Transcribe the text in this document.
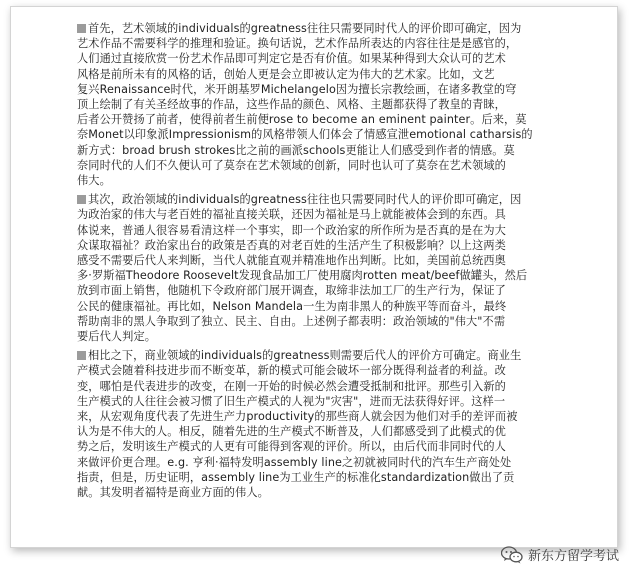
首先，艺术领域的individuals的greatness往往只需要同时代人的评价即可确定，因为
艺术作品不需要科学的推理和验证。换句话说，艺术作品所表达的内容往往是是感官的，
人们通过直接欣赏一份艺术作品即可判定它是否有价值。如果某种得到大众认可的艺术
风格是前所未有的风格的话，创始人更是会立即被认定为伟大的艺术家。比如，文艺
复兴Renaissance时代，米开朗基罗Michelangelo因为擅长宗教绘画，在诸多教堂的穹
顶上绘制了有关圣经故事的作品，这些作品的颜色、风格、主题都获得了教皇的青睐，
后者公开赞扬了前者，使得前者生前便rose to become an eminent painter。后来，莫
奈Monet以印象派Impressionism的风格带领人们体会了情感宣泄emotional catharsis的
新方式：broad brush strokes比之前的画派schools更能让人们感受到作者的情感。莫
奈同时代的人们不久便认可了莫奈在艺术领域的创新，同时也认可了莫奈在艺术领域的
伟大。

其次，政治领域的individuals的greatness往往也只需要同时代人的评价即可确定，因
为政治家的伟大与老百姓的福祉直接关联，还因为福祉是马上就能被体会到的东西。具
体说来，普通人很容易看清这样一个事实，即一个政治家的所作所为是否真的是在为大
众谋取福祉？政治家出台的政策是否真的对老百姓的生活产生了积极影响？以上这两类
感受不需要后代人来判断，当代人就能直观并精准地作出判断。比如，美国前总统西奥
多·罗斯福Theodore Roosevelt发现食品加工厂使用腐肉rotten meat/beef做罐头，然后
放到市面上销售，他随机下令政府部门展开调查，取缔非法加工厂的生产行为，保证了
公民的健康福祉。再比如，Nelson Mandela一生为南非黑人的种族平等而奋斗，最终
帮助南非的黑人争取到了独立、民主、自由。上述例子都表明：政治领域的"伟大"不需
要后代人判定。

相比之下，商业领域的individuals的greatness则需要后代人的评价方可确定。商业生
产模式会随着科技进步而不断变革，新的模式可能会破坏一部分既得利益者的利益。改
变，哪怕是代表进步的改变，在刚一开始的时候必然会遭受抵制和批评。那些引入新的
生产模式的人往往会被习惯了旧生产模式的人视为"灾害"，进而无法获得好评。这样一
来，从宏观角度代表了先进生产力productivity的那些商人就会因为他们对手的差评而被
认为是不伟大的人。相反，随着先进的生产模式不断普及，人们都感受到了此模式的优
势之后，发明该生产模式的人更有可能得到客观的评价。所以，由后代而非同时代的人
来做评价更合理。e.g. 亨利·福特发明assembly line之初就被同时代的汽车生产商处处
指责，但是，历史证明，assembly line为工业生产的标准化standardization做出了贡
献。其发明者福特是商业方面的伟人。

新东方留学考试
